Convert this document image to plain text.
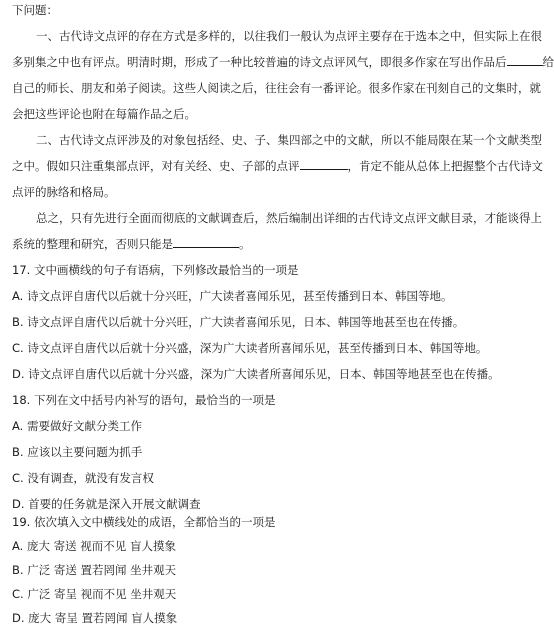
下问题：
一、古代诗文点评的存在方式是多样的，以往我们一般认为点评主要存在于选本之中，但实际上在很
多别集之中也有评点。明清时期，形成了一种比较普遍的诗文点评风气，即很多作家在写出作品后	给
自己的师长、朋友和弟子阅读。这些人阅读之后，往往会有一番评论。很多作家在刊刻自己的文集时，就
会把这些评论也附在每篇作品之后。
二、古代诗文点评涉及的对象包括经、史、子、集四部之中的文献，所以不能局限在某一个文献类型
之中。假如只注重集部点评，对有关经、史、子部的点评	，肯定不能从总体上把握整个古代诗文
点评的脉络和格局。
总之，只有先进行全面而彻底的文献调查后，然后编制出详细的古代诗文点评文献目录，才能谈得上
系统的整理和研究，否则只能是	。
17. 文中画横线的句子有语病，下列修改最恰当的一项是
A. 诗文点评自唐代以后就十分兴旺，广大读者喜闻乐见，甚至传播到日本、韩国等地。
B. 诗文点评自唐代以后就十分兴旺，广大读者喜闻乐见，日本、韩国等地甚至也在传播。
C. 诗文点评自唐代以后就十分兴盛，深为广大读者所喜闻乐见，甚至传播到日本、韩国等地。
D. 诗文点评自唐代以后就十分兴盛，深为广大读者所喜闻乐见，日本、韩国等地甚至也在传播。
18. 下列在文中括号内补写的语句，最恰当的一项是
A. 需要做好文献分类工作
B. 应该以主要问题为抓手
C. 没有调查，就没有发言权
D. 首要的任务就是深入开展文献调查
19. 依次填入文中横线处的成语，全都恰当的一项是
A. 庞大 寄送 视而不见 盲人摸象
B. 广泛 寄送 置若罔闻 坐井观天
C. 广泛 寄呈 视而不见 坐井观天
D. 庞大 寄呈 置若罔闻 盲人摸象
